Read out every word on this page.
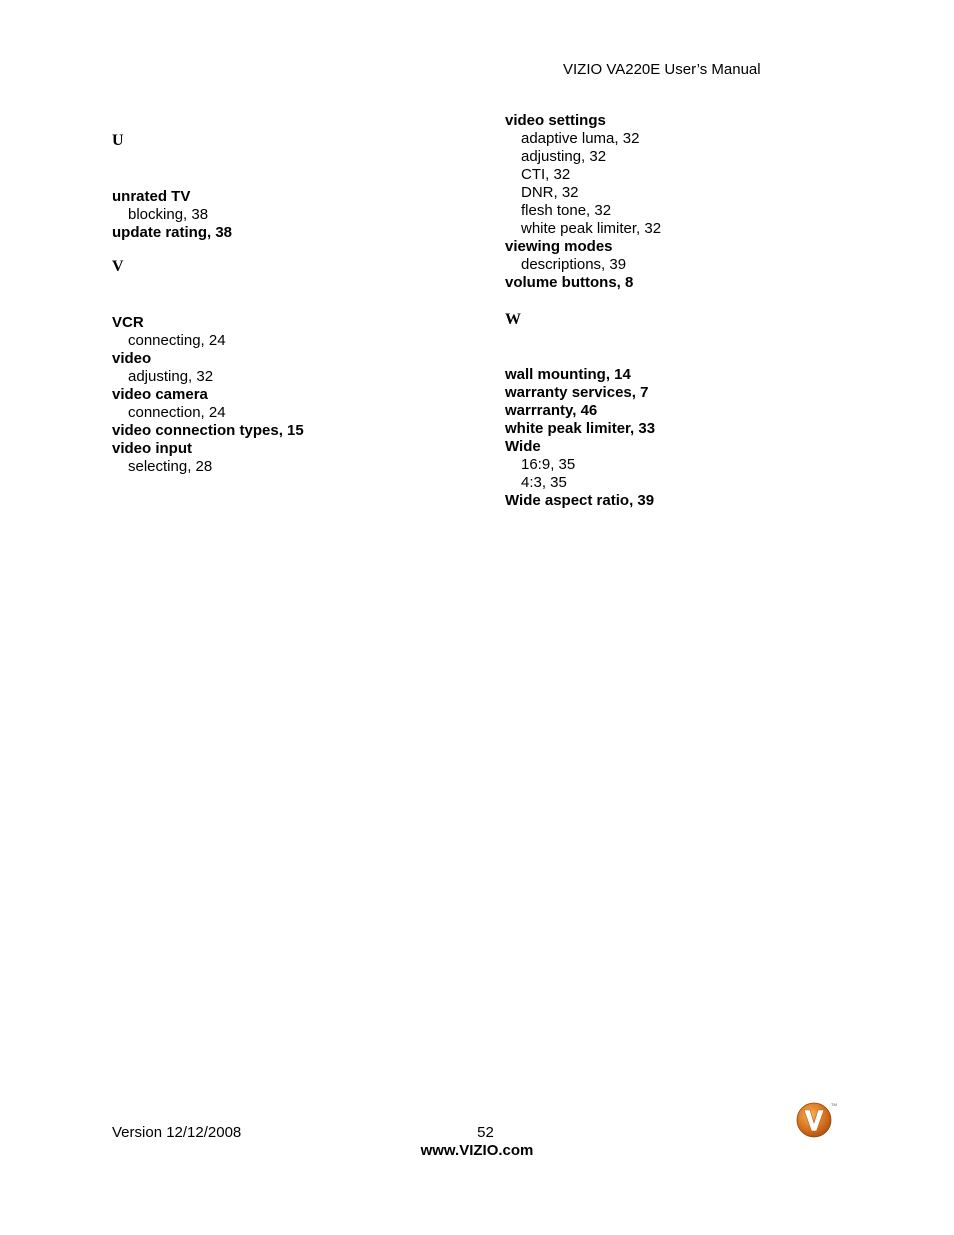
VIZIO VA220E User’s Manual
U
unrated TV
blocking, 38
update rating, 38
V
VCR
connecting, 24
video
adjusting, 32
video camera
connection, 24
video connection types, 15
video input
selecting, 28
video settings
adaptive luma, 32
adjusting, 32
CTI, 32
DNR, 32
flesh tone, 32
white peak limiter, 32
viewing modes
descriptions, 39
volume buttons, 8
W
wall mounting, 14
warranty services, 7
warrranty, 46
white peak limiter, 33
Wide
16:9, 35
4:3, 35
Wide aspect ratio, 39
Version 12/12/2008	52
www.VIZIO.com
TM
